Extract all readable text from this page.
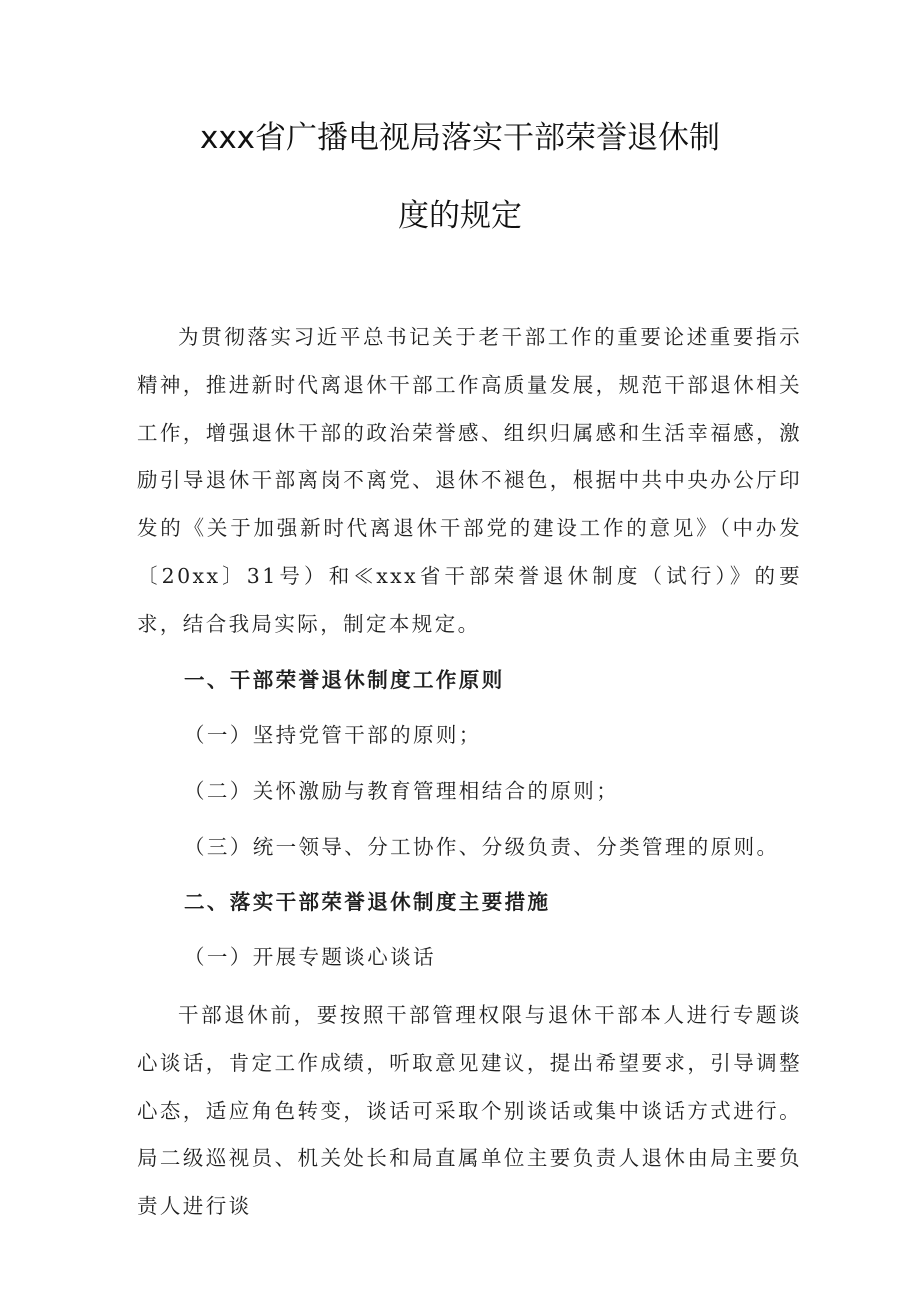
xxx省广播电视局落实干部荣誉退休制
度的规定

为贯彻落实习近平总书记关于老干部工作的重要论述重要指示精神，推进新时代离退休干部工作高质量发展，规范干部退休相关工作，增强退休干部的政治荣誉感、组织归属感和生活幸福感，激励引导退休干部离岗不离党、退休不褪色，根据中共中央办公厅印发的《关于加强新时代离退休干部党的建设工作的意见》（中办发〔20xx〕31号）和≪xxx省干部荣誉退休制度（试行）》的要求，结合我局实际，制定本规定。

一、干部荣誉退休制度工作原则
（一）坚持党管干部的原则；
（二）关怀激励与教育管理相结合的原则；
（三）统一领导、分工协作、分级负责、分类管理的原则。
二、落实干部荣誉退休制度主要措施
（一）开展专题谈心谈话

干部退休前，要按照干部管理权限与退休干部本人进行专题谈心谈话，肯定工作成绩，听取意见建议，提出希望要求，引导调整心态，适应角色转变，谈话可采取个别谈话或集中谈话方式进行。局二级巡视员、机关处长和局直属单位主要负责人退休由局主要负责人进行谈
